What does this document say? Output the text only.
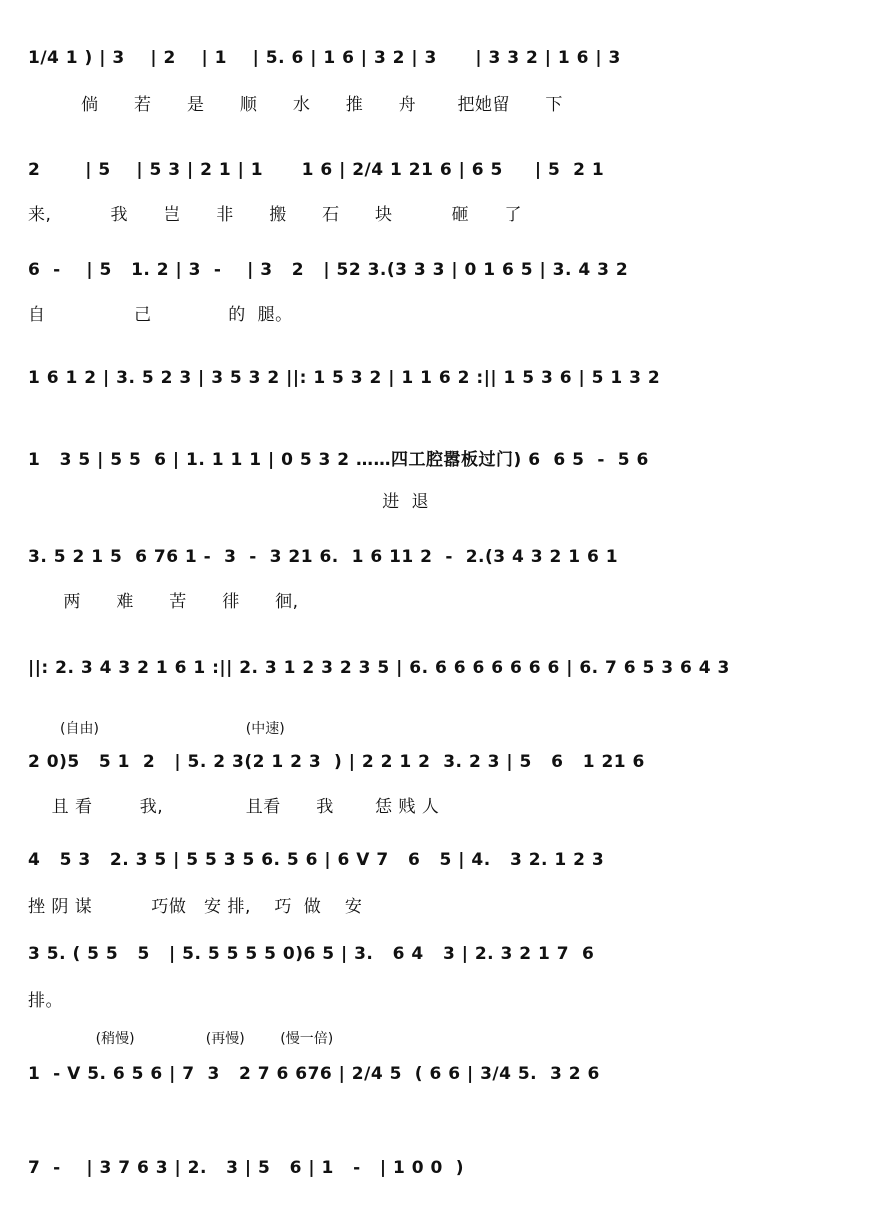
1/4 1 ) | 3    | 2    | 1    | 5. 6 | 1 6 | 3 2 | 3      | 3 3 2 | 1 6 | 3
倘      若      是      顺      水      推      舟       把她留      下
2       | 5    | 5 3 | 2 1 | 1      1 6 | 2/4 1 21 6 | 6 5     | 5  2 1
来,          我      岂      非      搬      石      块          砸      了
6  -    | 5   1. 2 | 3  -    | 3   2   | 52 3.(3 3 3 | 0 1 6 5 | 3. 4 3 2
自               己             的  腿。
1 6 1 2 | 3. 5 2 3 | 3 5 3 2 ||: 1 5 3 2 | 1 1 6 2 :|| 1 5 3 6 | 5 1 3 2
1   3 5 | 5 5  6 | 1. 1 1 1 | 0 5 3 2 ……四工腔嚣板过门) 6  6 5  -  5 6
进  退
3. 5 2 1 5  6 76 1 -  3  -  3 21 6.  1 6 11 2  -  2.(3 4 3 2 1 6 1
两      难      苦      徘      徊,
||: 2. 3 4 3 2 1 6 1 :|| 2. 3 1 2 3 2 3 5 | 6. 6 6 6 6 6 6 6 | 6. 7 6 5 3 6 4 3
(自由)                                 (中速)
2 0)5   5 1  2   | 5. 2 3(2 1 2 3  ) | 2 2 1 2  3. 2 3 | 5   6   1 21 6
且 看        我,              且看      我       恁 贱 人
4   5 3   2. 3 5 | 5 5 3 5 6. 5 6 | 6 V 7   6   5 | 4.   3 2. 1 2 3
挫 阴 谋          巧做   安 排,    巧  做    安
3 5. ( 5 5   5   | 5. 5 5 5 5 0)6 5 | 3.   6 4   3 | 2. 3 2 1 7  6
排。
(稍慢)                (再慢)        (慢一倍)
1  - V 5. 6 5 6 | 7  3   2 7 6 676 | 2/4 5  ( 6 6 | 3/4 5.  3 2 6
7  -    | 3 7 6 3 | 2.   3 | 5   6 | 1   -   | 1 0 0  )
